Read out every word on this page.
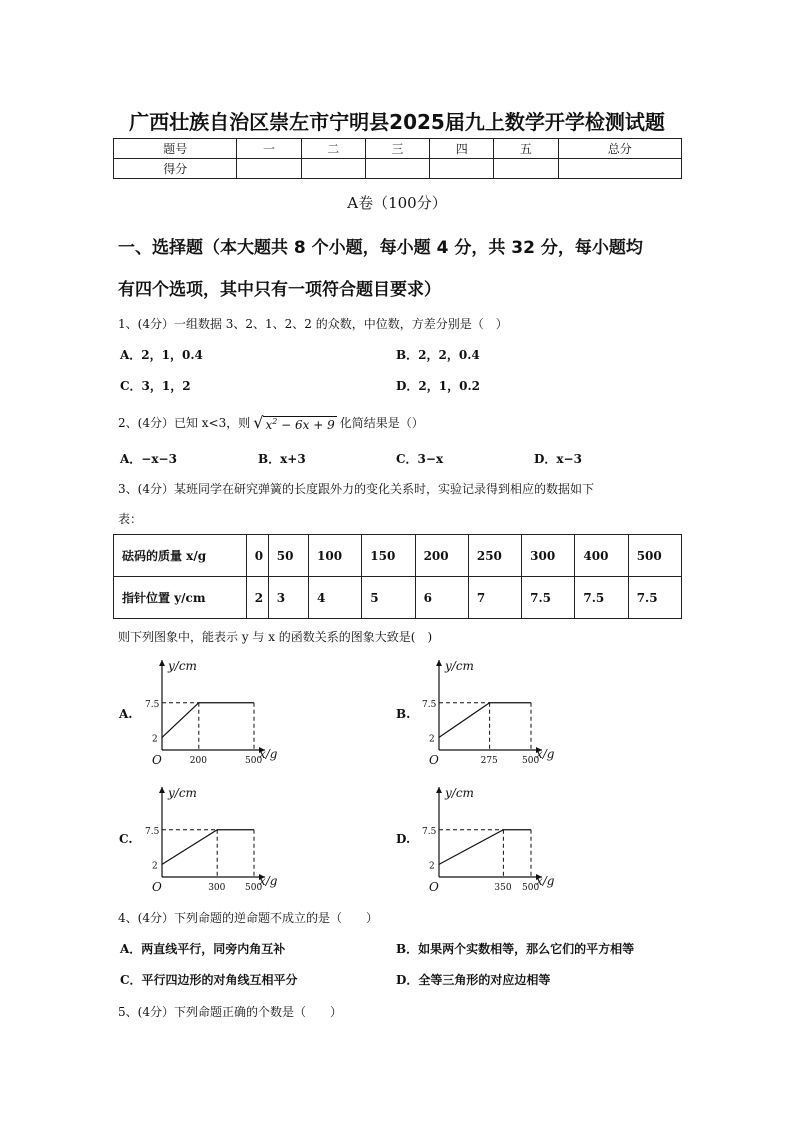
广西壮族自治区崇左市宁明县2025届九上数学开学检测试题
题号	一	二	三	四	五	总分
得分						
A卷（100分）
一、选择题（本大题共 8 个小题，每小题 4 分，共 32 分，每小题均
有四个选项，其中只有一项符合题目要求）
1、(4分）一组数据 3、2、1、2、2 的众数，中位数，方差分别是（　）
A．2，1，0.4	B．2，2，0.4
C．3，1，2	D．2，1，0.2
2、(4分）已知 x<3，则 √ $x^2 - 6x + 9$ 化简结果是（）
A．−x−3	B．x+3	C．3−x	D．x−3
3、(4分）某班同学在研究弹簧的长度跟外力的变化关系时，实验记录得到相应的数据如下
表：
砝码的质量 x/g	0	50	100	150	200	250	300	400	500
指针位置 y/cm	2	3	4	5	6	7	7.5	7.5	7.5
则下列图象中，能表示 y 与 x 的函数关系的图象大致是(　)
A.	B.
C.	D.
y/cm
x/g
O
7.5
2
200	500
y/cm
x/g
O
7.5
2
275	500
y/cm
x/g
O
7.5
2
300 500
y/cm
x/g
O
7.5
2
350 500
4、(4分）下列命题的逆命题不成立的是（　　）
A．两直线平行，同旁内角互补	B．如果两个实数相等，那么它们的平方相等
C．平行四边形的对角线互相平分	D．全等三角形的对应边相等
5、(4分）下列命题正确的个数是（　　）
